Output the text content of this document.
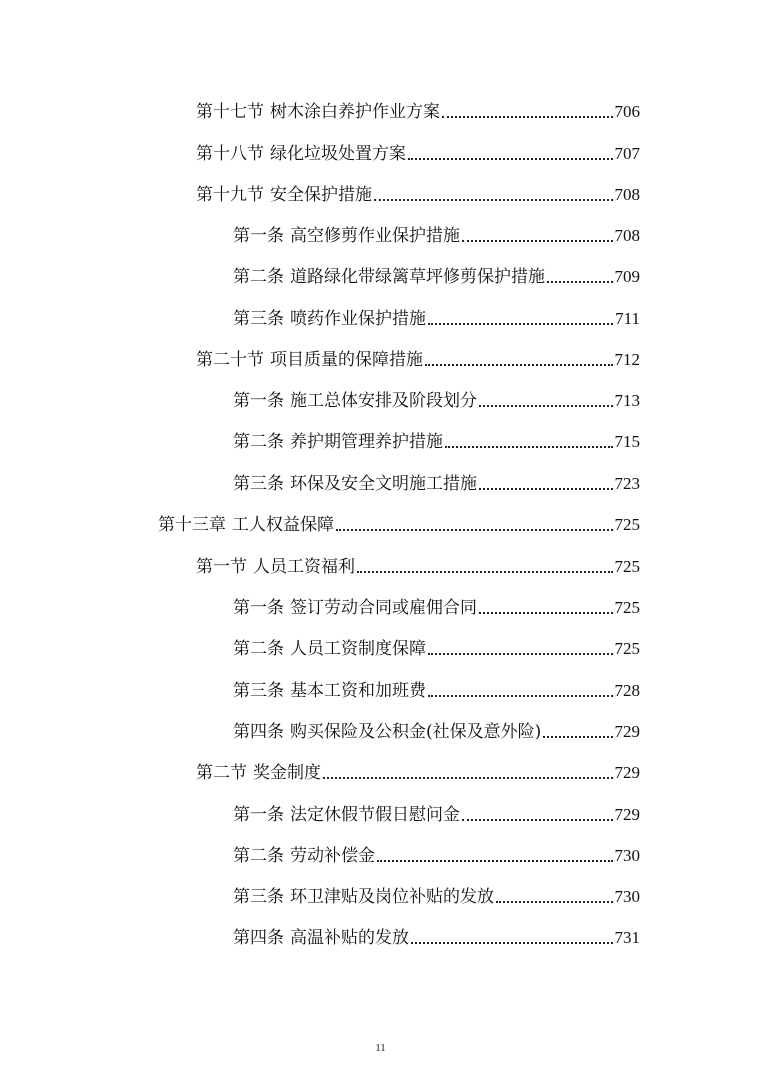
第十七节 树木涂白养护作业方案	706
第十八节 绿化垃圾处置方案	707
第十九节 安全保护措施	708
第一条 高空修剪作业保护措施	708
第二条 道路绿化带绿篱草坪修剪保护措施	709
第三条 喷药作业保护措施	711
第二十节 项目质量的保障措施	712
第一条 施工总体安排及阶段划分	713
第二条 养护期管理养护措施	715
第三条 环保及安全文明施工措施	723
第十三章 工人权益保障	725
第一节 人员工资福利	725
第一条 签订劳动合同或雇佣合同	725
第二条 人员工资制度保障	725
第三条 基本工资和加班费	728
第四条 购买保险及公积金(社保及意外险)	729
第二节 奖金制度	729
第一条 法定休假节假日慰问金	729
第二条 劳动补偿金	730
第三条 环卫津贴及岗位补贴的发放	730
第四条 高温补贴的发放	731
11
